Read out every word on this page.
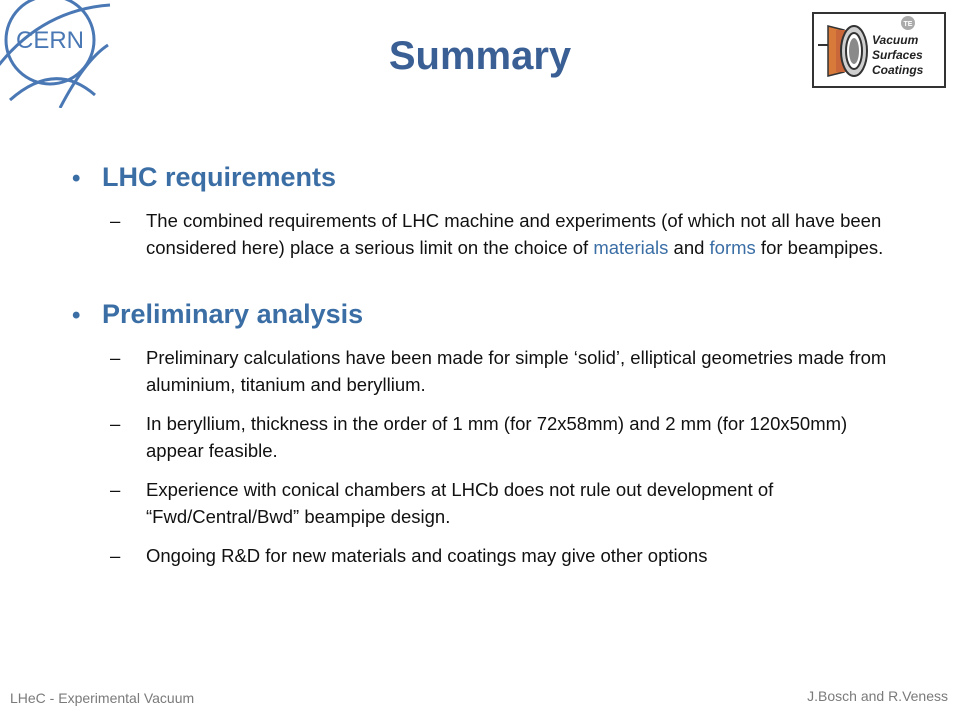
CERN
TE
Vacuum
Surfaces
Coatings
Summary
• LHC requirements
–	The combined requirements of LHC machine and experiments (of which not all have been considered here) place a serious limit on the choice of materials and forms for beampipes.
• Preliminary analysis
–	Preliminary calculations have been made for simple ‘solid’, elliptical geometries made from aluminium, titanium and beryllium.
–	In beryllium, thickness in the order of 1 mm (for 72x58mm) and 2 mm (for 120x50mm) appear feasible.
–	Experience with conical chambers at LHCb does not rule out development of “Fwd/Central/Bwd” beampipe design.
–	Ongoing R&D for new materials and coatings may give other options
LHeC - Experimental Vacuum	J.Bosch and R.Veness
